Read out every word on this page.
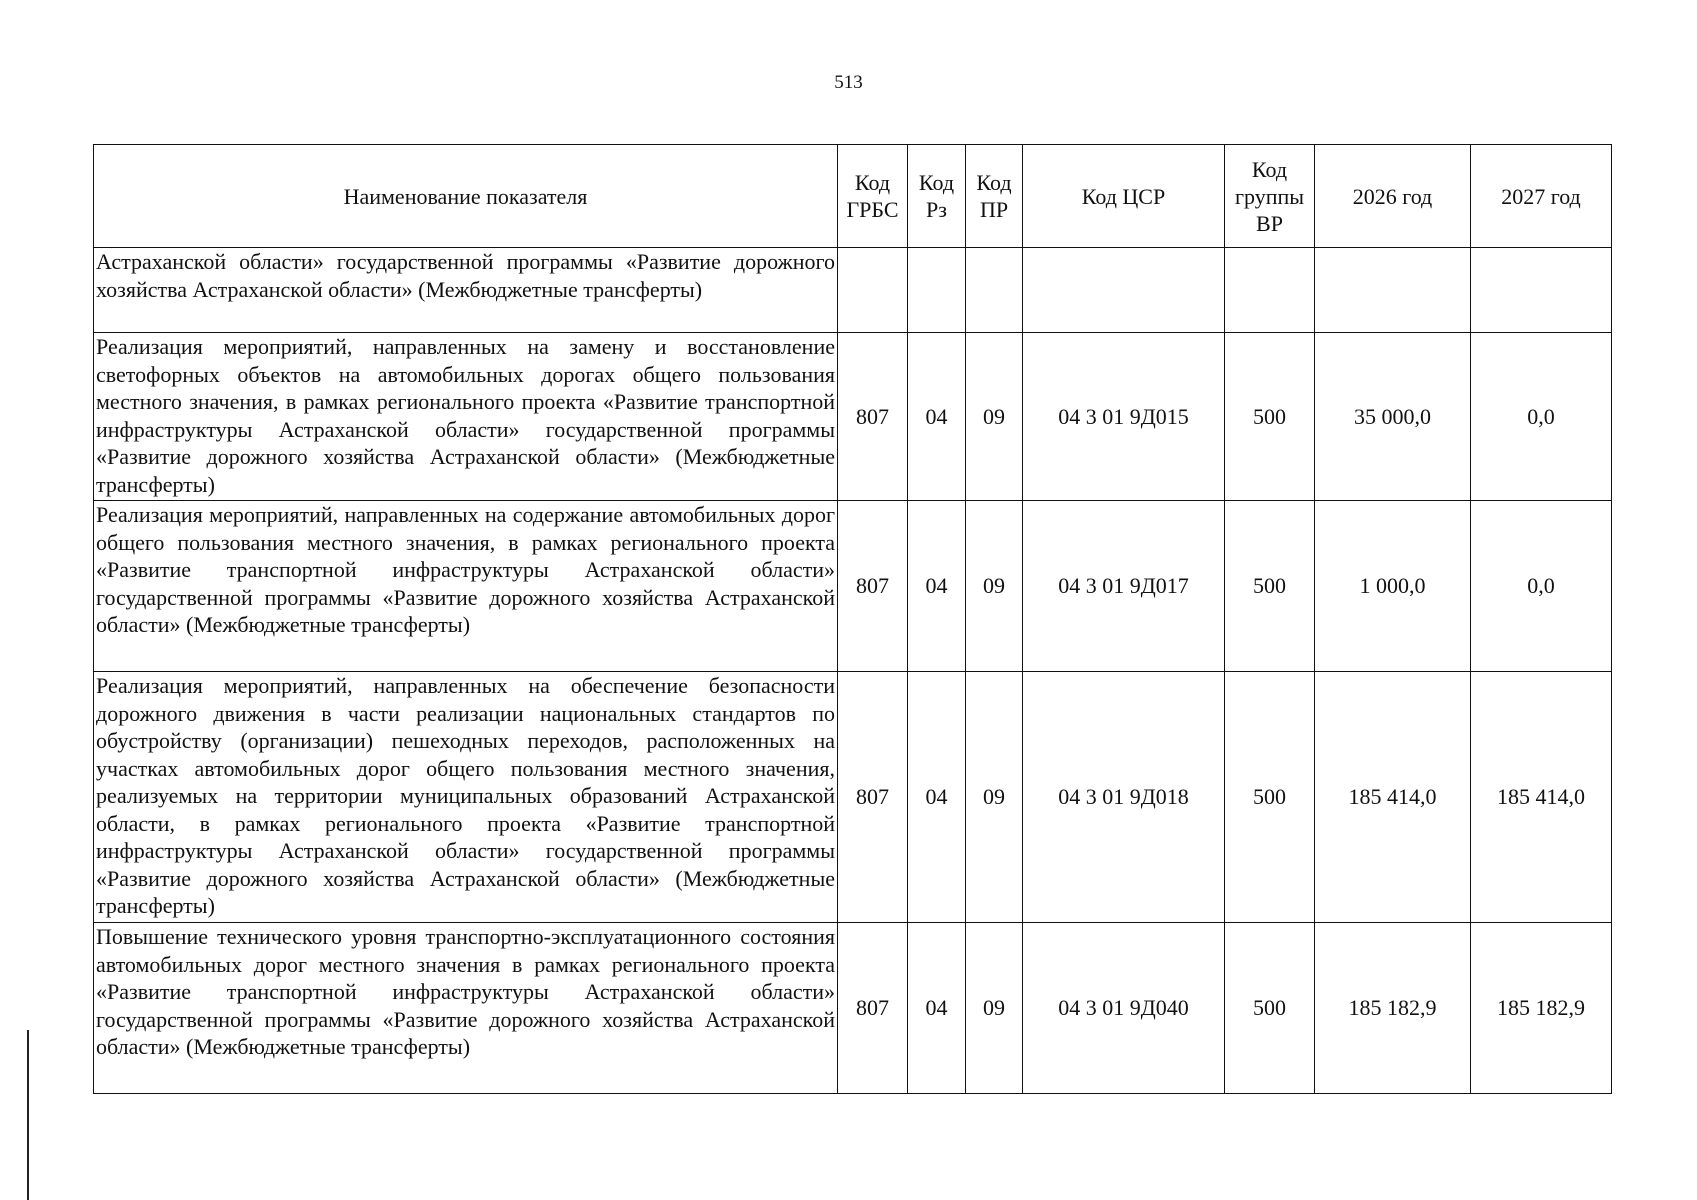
513
Наименование показателя	Код ГРБС	Код Рз	Код ПР	Код ЦСР	Код группы ВР	2026 год	2027 год
Астраханской области» государственной программы «Развитие дорожного хозяйства Астраханской области» (Межбюджетные трансферты)							
Реализация мероприятий, направленных на замену и восстановление светофорных объектов на автомобильных дорогах общего пользования местного значения, в рамках регионального проекта «Развитие транспортной инфраструктуры Астраханской области» государственной программы «Развитие дорожного хозяйства Астраханской области» (Межбюджетные трансферты)	807	04	09	04 3 01 9Д015	500	35 000,0	0,0
Реализация мероприятий, направленных на содержание автомобильных дорог общего пользования местного значения, в рамках регионального проекта «Развитие транспортной инфраструктуры Астраханской области» государственной программы «Развитие дорожного хозяйства Астраханской области» (Межбюджетные трансферты)	807	04	09	04 3 01 9Д017	500	1 000,0	0,0
Реализация мероприятий, направленных на обеспечение безопасности дорожного движения в части реализации национальных стандартов по обустройству (организации) пешеходных переходов, расположенных на участках автомобильных дорог общего пользования местного значения, реализуемых на территории муниципальных образований Астраханской области, в рамках регионального проекта «Развитие транспортной инфраструктуры Астраханской области» государственной программы «Развитие дорожного хозяйства Астраханской области» (Межбюджетные трансферты)	807	04	09	04 3 01 9Д018	500	185 414,0	185 414,0
Повышение технического уровня транспортно-эксплуатационного состояния автомобильных дорог местного значения в рамках регионального проекта «Развитие транспортной инфраструктуры Астраханской области» государственной программы «Развитие дорожного хозяйства Астраханской области» (Межбюджетные трансферты)	807	04	09	04 3 01 9Д040	500	185 182,9	185 182,9
